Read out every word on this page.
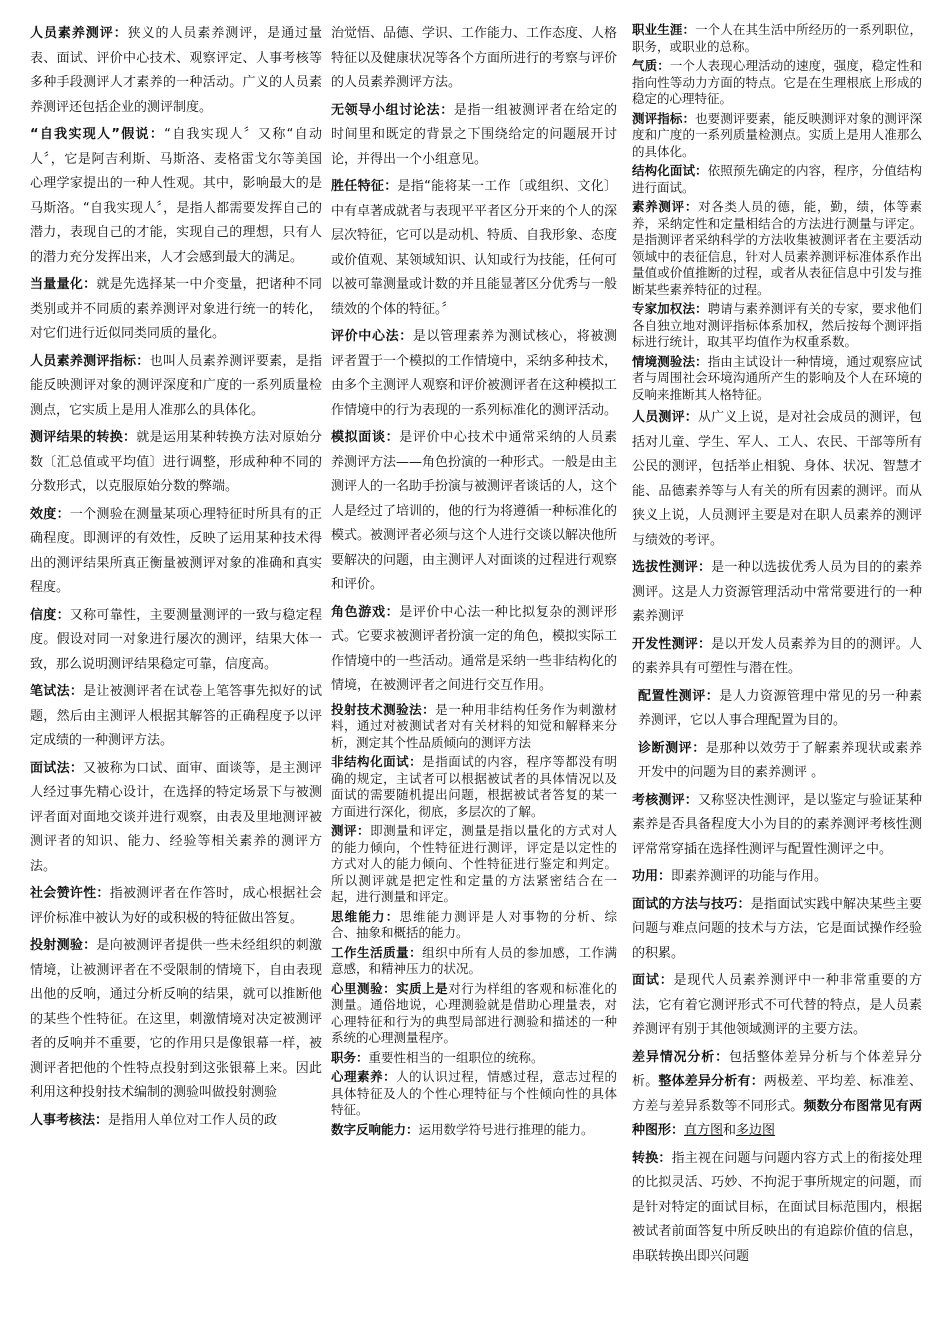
人员素养测评：狭义的人员素养测评，是通过量表、面试、评价中心技术、观察评定、人事考核等多种手段测评人才素养的一种活动。广义的人员素养测评还包括企业的测评制度。

“自我实现人”假说：“自我实现人〞又称“自动人〞，它是阿吉利斯、马斯洛、麦格雷戈尔等美国心理学家提出的一种人性观。其中，影响最大的是马斯洛。“自我实现人〞，是指人都需要发挥自己的潜力，表现自己的才能，实现自己的理想，只有人的潜力充分发挥出来，人才会感到最大的满足。

当量量化：就是先选择某一中介变量，把诸种不同类别或并不同质的素养测评对象进行统一的转化，对它们进行近似同类同质的量化。

人员素养测评指标：也叫人员素养测评要素，是指能反映测评对象的测评深度和广度的一系列质量检测点，它实质上是用人准那么的具体化。

测评结果的转换：就是运用某种转换方法对原始分数〔汇总值或平均值〕进行调整，形成种种不同的分数形式，以克服原始分数的弊端。

效度：一个测验在测量某项心理特征时所具有的正确程度。即测评的有效性，反映了运用某种技术得出的测评结果所真正衡量被测评对象的准确和真实程度。

信度：又称可靠性，主要测量测评的一致与稳定程度。假设对同一对象进行屡次的测评，结果大体一致，那么说明测评结果稳定可靠，信度高。

笔试法：是让被测评者在试卷上笔答事先拟好的试题，然后由主测评人根据其解答的正确程度予以评定成绩的一种测评方法。

面试法：又被称为口试、面审、面谈等，是主测评人经过事先精心设计，在选择的特定场景下与被测评者面对面地交谈并进行观察，由表及里地测评被测评者的知识、能力、经验等相关素养的测评方法。

社会赞许性：指被测评者在作答时，成心根据社会评价标准中被认为好的或积极的特征做出答复。

投射测验：是向被测评者提供一些未经组织的刺激情境，让被测评者在不受限制的情境下，自由表现出他的反响，通过分析反响的结果，就可以推断他的某些个性特征。在这里，刺激情境对决定被测评者的反响并不重要，它的作用只是像银幕一样，被测评者把他的个性特点投射到这张银幕上来。因此利用这种投射技术编制的测验叫做投射测验

人事考核法：是指用人单位对工作人员的政

治觉悟、品德、学识、工作能力、工作态度、人格特征以及健康状况等各个方面所进行的考察与评价的人员素养测评方法。

无领导小组讨论法：是指一组被测评者在给定的时间里和既定的背景之下围绕给定的问题展开讨论，并得出一个小组意见。

胜任特征：是指“能将某一工作〔或组织、文化〕中有卓著成就者与表现平平者区分开来的个人的深层次特征，它可以是动机、特质、自我形象、态度或价值观、某领域知识、认知或行为技能，任何可以被可靠测量或计数的并且能显著区分优秀与一般绩效的个体的特征。〞

评价中心法：是以管理素养为测试核心，将被测评者置于一个模拟的工作情境中，采纳多种技术，由多个主测评人观察和评价被测评者在这种模拟工作情境中的行为表现的一系列标准化的测评活动。

模拟面谈：是评价中心技术中通常采纳的人员素养测评方法——角色扮演的一种形式。一般是由主测评人的一名助手扮演与被测评者谈话的人，这个人是经过了培训的，他的行为将遵循一种标准化的模式。被测评者必须与这个人进行交谈以解决他所要解决的问题，由主测评人对面谈的过程进行观察和评价。

角色游戏：是评价中心法一种比拟复杂的测评形式。它要求被测评者扮演一定的角色，模拟实际工作情境中的一些活动。通常是采纳一些非结构化的情境，在被测评者之间进行交互作用。

投射技术测验法：是一种用非结构任务作为刺激材料，通过对被测试者对有关材料的知觉和解释来分析，测定其个性品质倾向的测评方法

非结构化面试：是指面试的内容，程序等都没有明确的规定，主试者可以根据被试者的具体情况以及面试的需要随机提出问题，根据被试者答复的某一方面进行深化，彻底，多层次的了解。

测评：即测量和评定，测量是指以量化的方式对人的能力倾向，个性特征进行测评，评定是以定性的方式对人的能力倾向、个性特征进行鉴定和判定。所以测评就是把定性和定量的方法紧密结合在一起，进行测量和评定。

思维能力：思维能力测评是人对事物的分析、综合、抽象和概括的能力。

工作生活质量：组织中所有人员的参加感，工作满意感，和精神压力的状况。

心里测验：实质上是对行为样组的客观和标准化的测量。通俗地说，心理测验就是借助心理量表，对心理特征和行为的典型局部进行测验和描述的一种系统的心理测量程序。

职务：重要性相当的一组职位的统称。

心理素养：人的认识过程，情感过程，意志过程的具体特征及人的个性心理特征与个性倾向性的具体特征。

数字反响能力：运用数学符号进行推理的能力。

职业生涯：一个人在其生活中所经历的一系列职位，职务，或职业的总称。

气质：一个人表现心理活动的速度，强度，稳定性和指向性等动力方面的特点。它是在生理根底上形成的稳定的心理特征。

测评指标：也要测评要素，能反映测评对象的测评深度和广度的一系列质量检测点。实质上是用人准那么的具体化。

结构化面试：依照预先确定的内容，程序，分值结构进行面试。

素养测评：对各类人员的德，能，勤，绩，体等素养，采纳定性和定量相结合的方法进行测量与评定。是指测评者采纳科学的方法收集被测评者在主要活动领域中的表征信息，针对人员素养测评标准体系作出量值或价值推断的过程，或者从表征信息中引发与推断某些素养特征的过程。

专家加权法：聘请与素养测评有关的专家，要求他们各自独立地对测评指标体系加权，然后按每个测评指标进行统计，取其平均值作为权重系数。

情境测验法：指由主试设计一种情境，通过观察应试者与周围社会环境沟通所产生的影响及个人在环境的反响来推断其人格特征。

人员测评：从广义上说，是对社会成员的测评，包括对儿童、学生、军人、工人、农民、干部等所有公民的测评，包括举止相貌、身体、状况、智慧才能、品德素养等与人有关的所有因素的测评。而从狭义上说，人员测评主要是对在职人员素养的测评与绩效的考评。

选拔性测评：是一种以选拔优秀人员为目的的素养测评。这是人力资源管理活动中常常要进行的一种素养测评

开发性测评：是以开发人员素养为目的的测评。人的素养具有可塑性与潜在性。

配置性测评：是人力资源管理中常见的另一种素养测评，它以人事合理配置为目的。

诊断测评：是那种以效劳于了解素养现状或素养开发中的问题为目的素养测评 。

考核测评：又称竖决性测评，是以鉴定与验证某种素养是否具备程度大小为目的的素养测评考核性测评常常穿插在选择性测评与配置性测评之中。

功用：即素养测评的功能与作用。

面试的方法与技巧：是指面试实践中解决某些主要问题与难点问题的技术与方法，它是面试操作经验的积累。

面试：是现代人员素养测评中一种非常重要的方法，它有着它测评形式不可代替的特点，是人员素养测评有别于其他领域测评的主要方法。

差异情况分析：包括整体差异分析与个体差异分析。整体差异分析有：两极差、平均差、标准差、方差与差异系数等不同形式。频数分布图常见有两种图形：直方图和多边图

转换：指主视在问题与问题内容方式上的衔接处理的比拟灵活、巧妙、不拘泥于事所规定的问题，而是针对特定的面试目标，在面试目标范围内，根据被试者前面答复中所反映出的有追踪价值的信息，串联转换出即兴问题
